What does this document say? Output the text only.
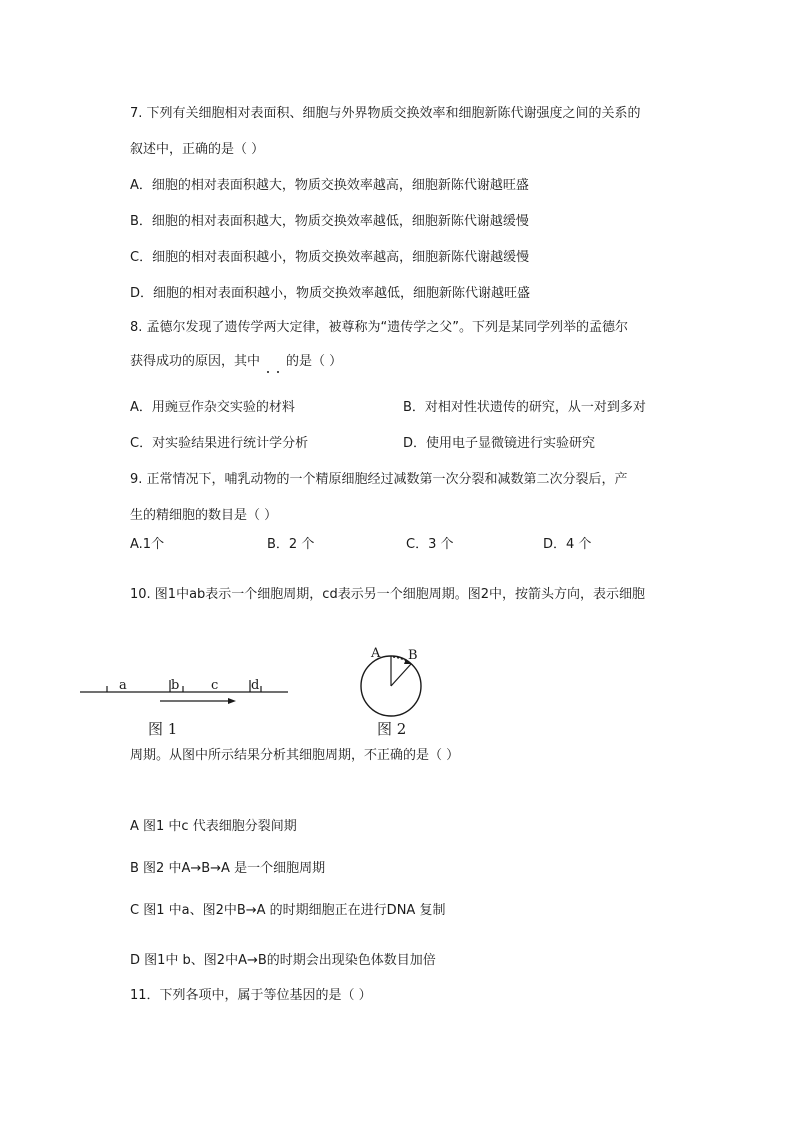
7. 下列有关细胞相对表面积、细胞与外界物质交换效率和细胞新陈代谢强度之间的关系的
叙述中，正确的是（ ）
A．细胞的相对表面积越大，物质交换效率越高，细胞新陈代谢越旺盛
B．细胞的相对表面积越大，物质交换效率越低，细胞新陈代谢越缓慢
C．细胞的相对表面积越小，物质交换效率越高，细胞新陈代谢越缓慢
D．细胞的相对表面积越小，物质交换效率越低，细胞新陈代谢越旺盛
8. 孟德尔发现了遗传学两大定律，被尊称为“遗传学之父”。下列是某同学列举的孟德尔
获得成功的原因，其中 的是（ ）
A．用豌豆作杂交实验的材料	B．对相对性状遗传的研究，从一对到多对
C．对实验结果进行统计学分析	D．使用电子显微镜进行实验研究
9. 正常情况下，哺乳动物的一个精原细胞经过减数第一次分裂和减数第二次分裂后，产
生的精细胞的数目是（ ）
A.1个	B．2 个	C．3 个	D．4 个
10. 图1中ab表示一个细胞周期，cd表示另一个细胞周期。图2中，按箭头方向，表示细胞
a	b c	d
图 1
A B
图 2
周期。从图中所示结果分析其细胞周期，不正确的是（ ）
A 图1 中c 代表细胞分裂间期
B 图2 中A→B→A 是一个细胞周期
C 图1 中a、图2中B→A 的时期细胞正在进行DNA 复制
D 图1中 b、图2中A→B的时期会出现染色体数目加倍
11．下列各项中，属于等位基因的是（ ）
